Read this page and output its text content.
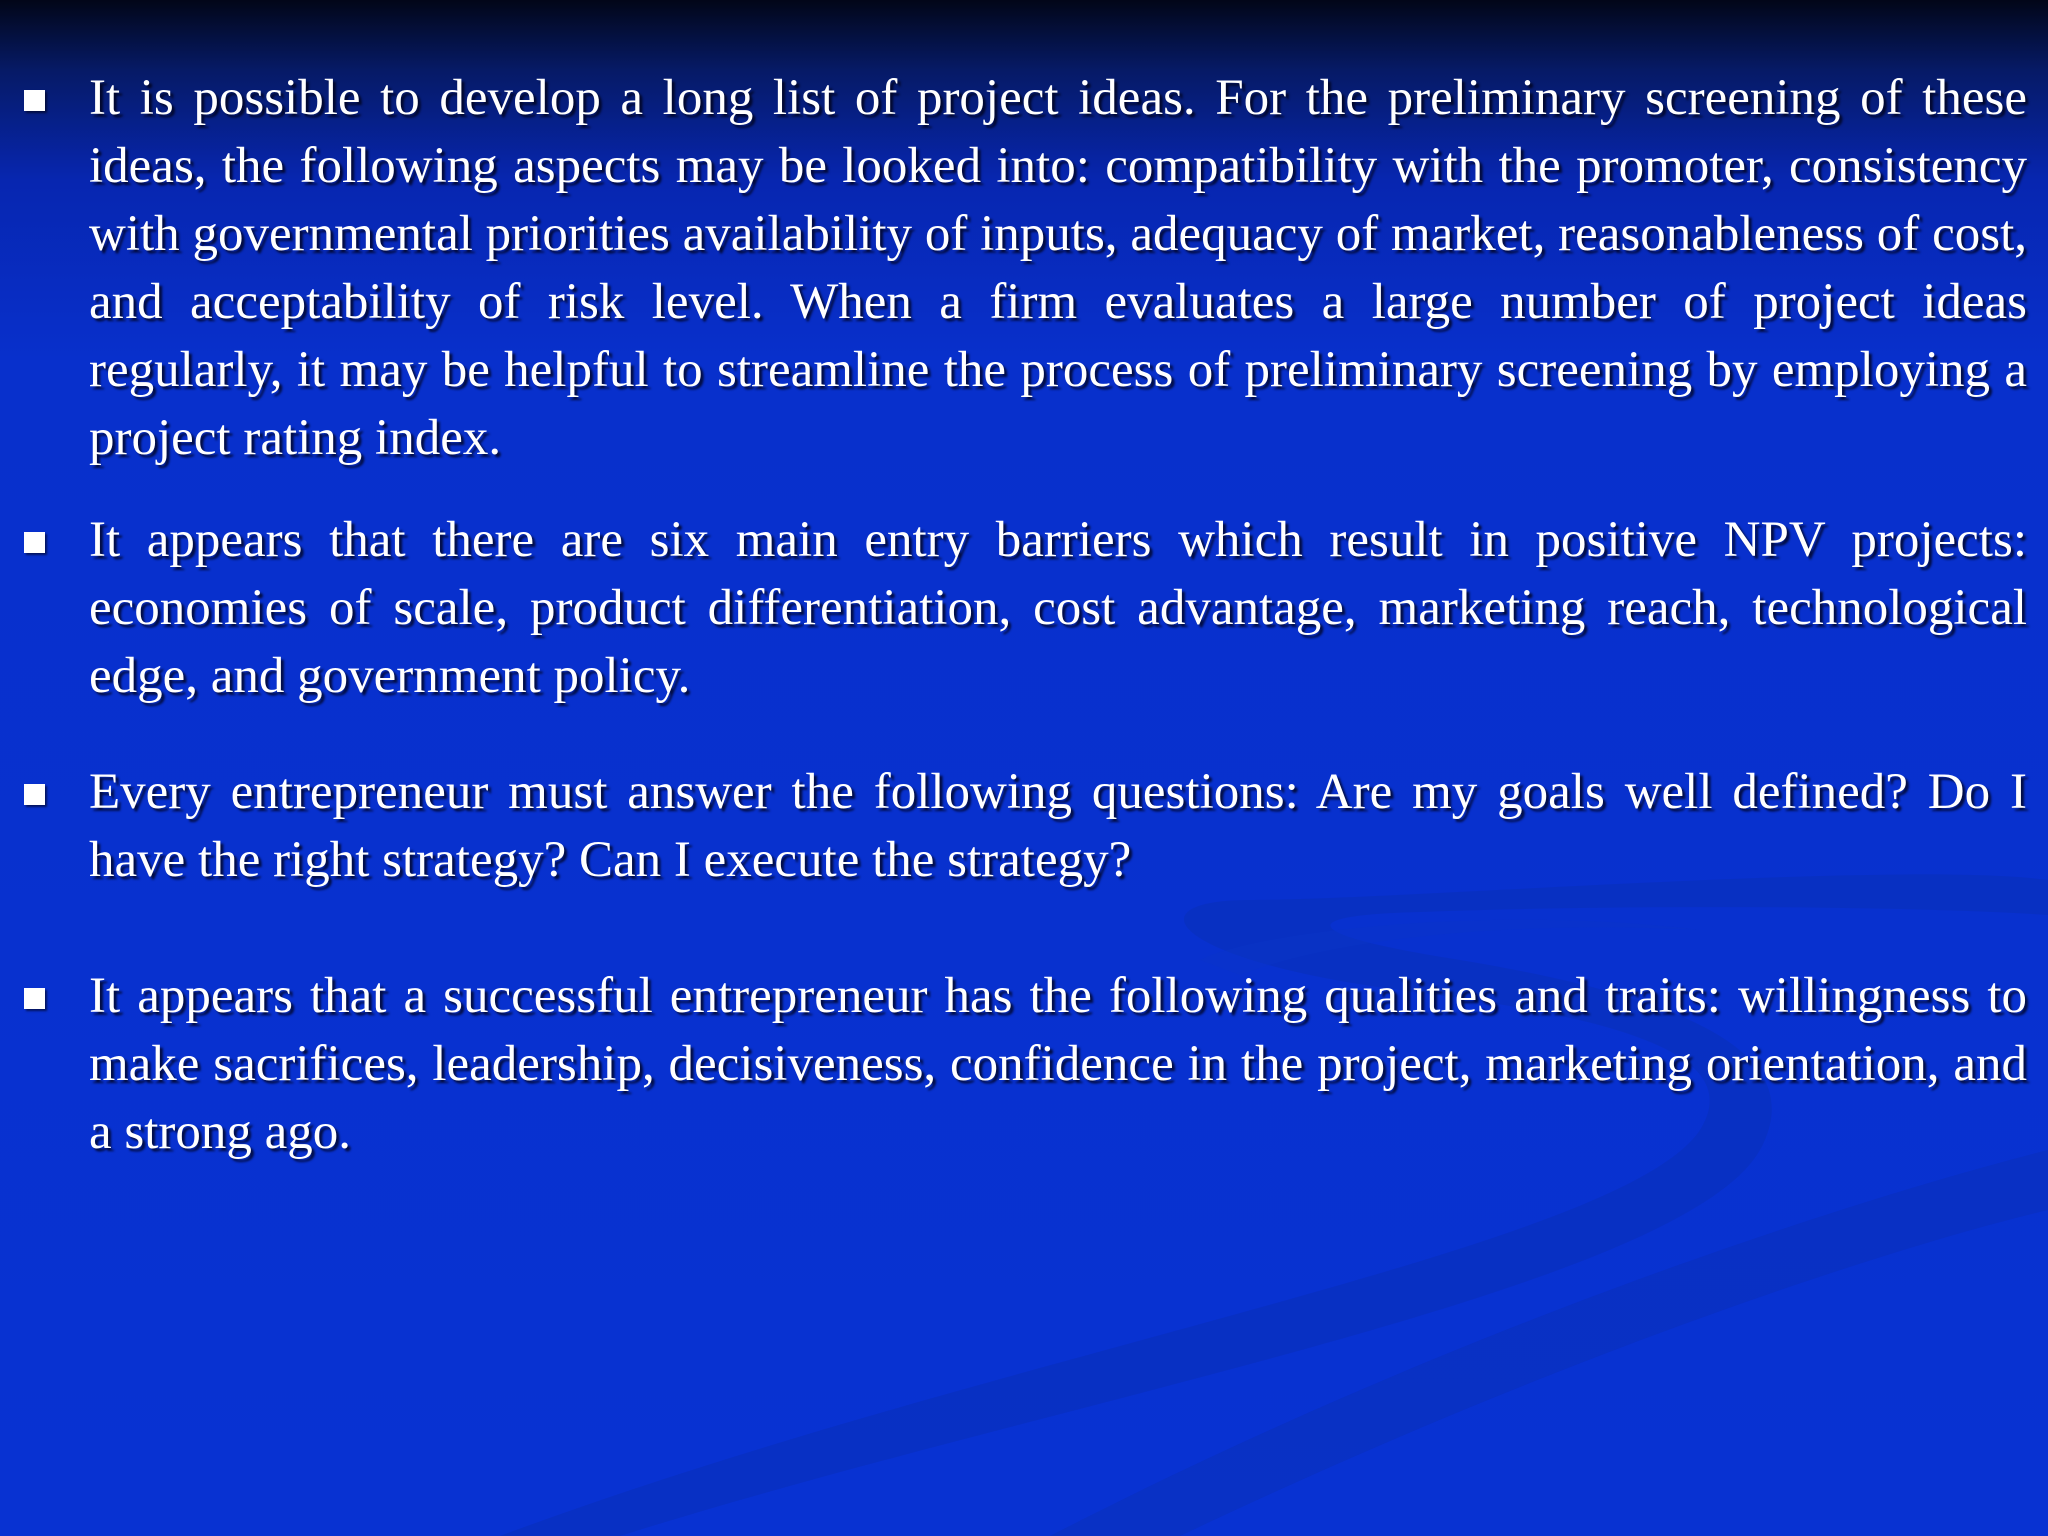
It is possible to develop a long list of project ideas. For the preliminary screening of these ideas, the following aspects may be looked into: compatibility with the promoter, consistency with governmental priorities availability of inputs, adequacy of market, reasonableness of cost, and acceptability of risk level. When a firm evaluates a large number of project ideas regularly, it may be helpful to streamline the process of preliminary screening by employing a project rating index.
It appears that there are six main entry barriers which result in positive NPV projects: economies of scale, product differentiation, cost advantage, marketing reach, technological edge, and government policy.
Every entrepreneur must answer the following questions: Are my goals well defined? Do I have the right strategy? Can I execute the strategy?
It appears that a successful entrepreneur has the following qualities and traits: willingness to make sacrifices, leadership, decisiveness, confidence in the project, marketing orientation, and a strong ago.
